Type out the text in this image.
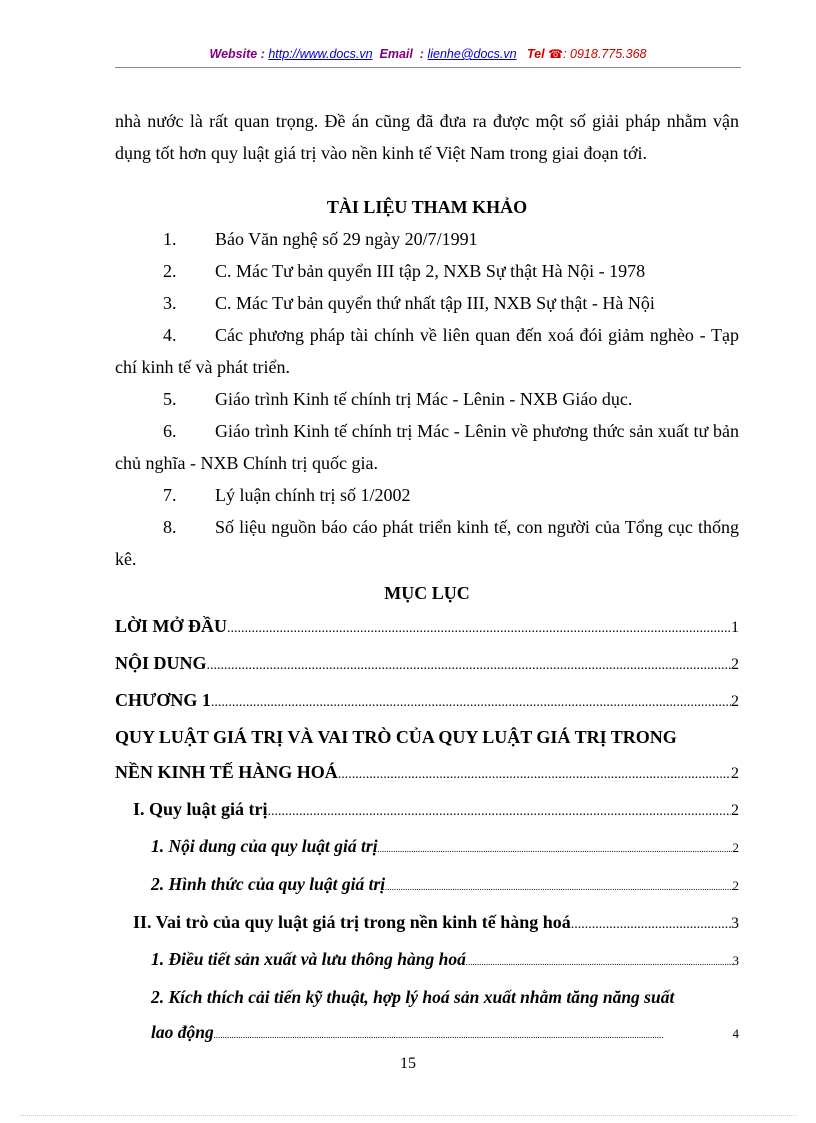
Website : http://www.docs.vn Email  : lienhe@docs.vn Tel ☎: 0918.775.368

nhà nước là rất quan trọng. Đề án cũng đã đưa ra được một số giải pháp nhằm vận dụng tốt hơn quy luật giá trị vào nền kinh tế Việt Nam trong giai đoạn tới.

TÀI LIỆU THAM KHẢO

1. Báo Văn nghệ số 29 ngày 20/7/1991
2. C. Mác Tư bản quyển III tập 2, NXB Sự thật Hà Nội - 1978
3. C. Mác Tư bản quyển thứ nhất tập III, NXB Sự thật - Hà Nội
4. Các phương pháp tài chính về liên quan đến xoá đói giảm nghèo - Tạp chí kinh tế và phát triển.
5. Giáo trình Kinh tế chính trị Mác - Lênin - NXB Giáo dục.
6. Giáo trình Kinh tế chính trị Mác - Lênin về phương thức sản xuất tư bản chủ nghĩa - NXB Chính trị quốc gia.
7. Lý luận chính trị số 1/2002
8. Số liệu nguồn báo cáo phát triển kinh tế, con người của Tổng cục thống kê.

MỤC LỤC

LỜI MỞ ĐẦU .....	1
NỘI DUNG .....	2
CHƯƠNG 1 .....	2
QUY LUẬT GIÁ TRỊ VÀ VAI TRÒ CỦA QUY LUẬT GIÁ TRỊ TRONG
NỀN KINH TẾ HÀNG HOÁ .....	2
I. Quy luật giá trị .....	2
1. Nội dung của quy luật giá trị .....	2
2. Hình thức của quy luật giá trị .....	2
II. Vai trò của quy luật giá trị trong nền kinh tế hàng hoá .....	3
1. Điều tiết sản xuất và lưu thông hàng hoá .....	3
2. Kích thích cải tiến kỹ thuật, hợp lý hoá sản xuất nhằm tăng năng suất
lao động .....	4
15
